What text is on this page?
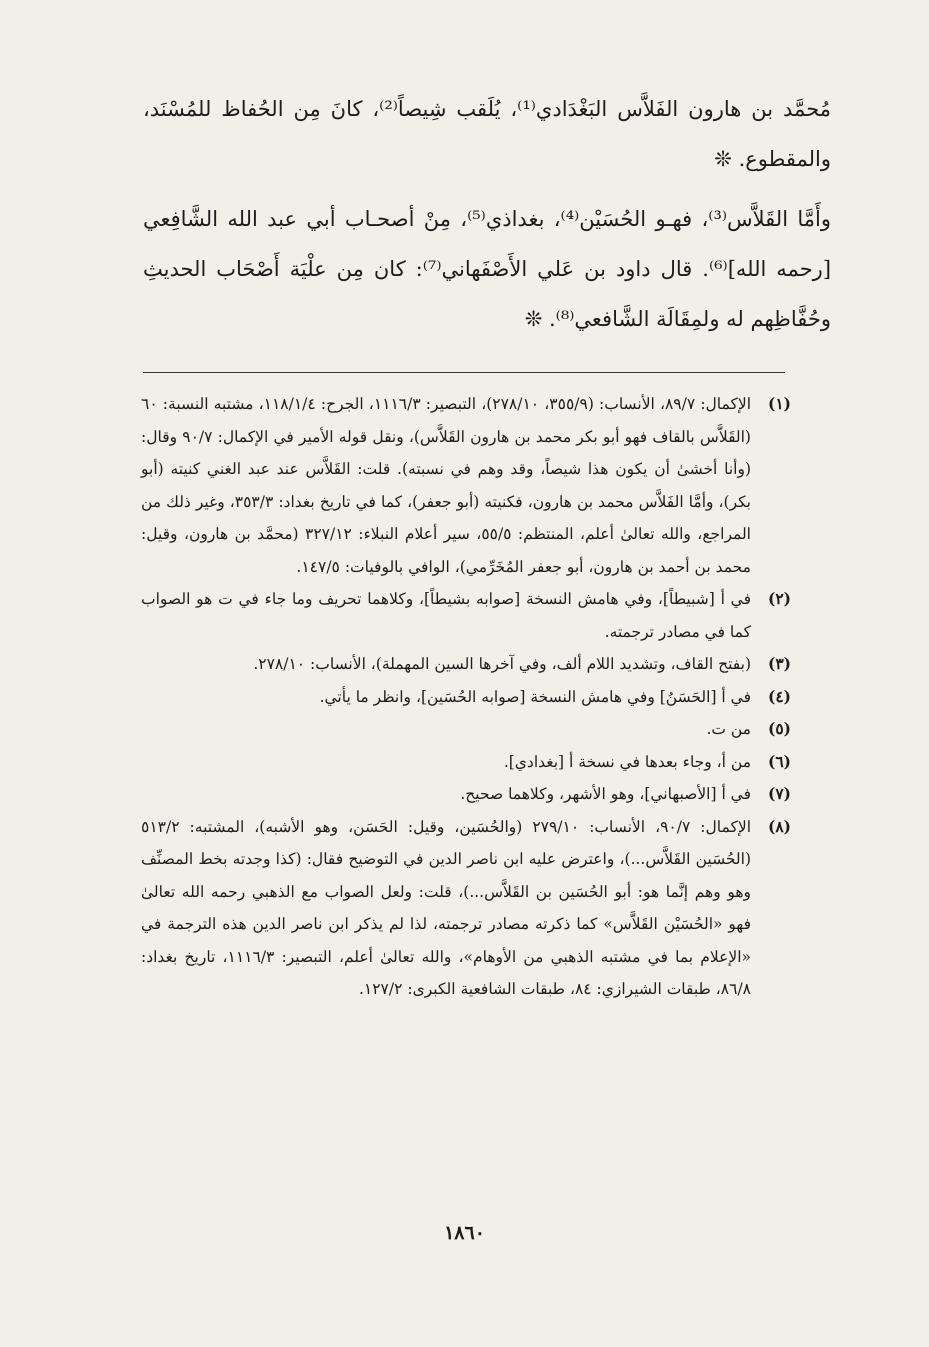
مُحمَّد بن هارون الفَلاَّس البَغْدَادي⁽¹⁾، يُلَقب شِيصاً⁽²⁾، كانَ مِن الحُفاظ للمُسْنَد، والمقطوع. ❊

وأَمَّا القَلاَّس⁽³⁾، فهـو الحُسَيْن⁽⁴⁾، بغداذي⁽⁵⁾، مِنْ أصحـاب أبي عبد الله الشَّافِعي [رحمه الله]⁽⁶⁾. قال داود بن عَلي الأَصْفَهاني⁽⁷⁾: كان مِن علْيَة أَصْحَاب الحديثِ وحُفَّاظِهم له ولمِقَالَة الشَّافعي⁽⁸⁾. ❊

(١)
الإكمال: ٨٩/٧، الأنساب: (٣٥٥/٩، ٢٧٨/١٠)، التبصير: ١١١٦/٣، الجرح: ١١٨/١/٤، مشتبه النسبة: ٦٠ (القَلاَّس بالقاف فهو أبو بكر محمد بن هارون القَلاَّس)، ونقل قوله الأمير في الإكمال: ٩٠/٧ وقال: (وأنا أخشىٰ أن يكون هذا شيصاً، وقد وهم في نسبته). قلت: القَلاَّس عند عبد الغني كنيته (أبو بكر)، وأمَّا الفَلاَّس محمد بن هارون، فكنيته (أبو جعفر)، كما في تاريخ بغداد: ٣٥٣/٣، وغير ذلك من المراجع، والله تعالىٰ أعلم، المنتظم: ٥٥/٥، سير أعلام النبلاء: ٣٢٧/١٢ (محمَّد بن هارون، وقيل: محمد بن أحمد بن هارون، أبو جعفر المُخَرِّمي)، الوافي بالوفيات: ١٤٧/٥.
(٢)
في أ [شبيطاً]، وفي هامش النسخة [صوابه بشيطاً]، وكلاهما تحريف وما جاء في ت هو الصواب كما في مصادر ترجمته.
(٣)
(بفتح القاف، وتشديد اللام ألف، وفي آخرها السين المهملة)، الأنساب: ٢٧٨/١٠.
(٤)
في أ [الحَسَنُ] وفي هامش النسخة [صوابه الحُسَين]، وانظر ما يأتي.
(٥)
من ت.
(٦)
من أ، وجاء بعدها في نسخة أ [بغدادي].
(٧)
في أ [الأصبهاني]، وهو الأشهر، وكلاهما صحيح.
(٨)
الإكمال: ٩٠/٧، الأنساب: ٢٧٩/١٠ (والحُسَين، وقيل: الحَسَن، وهو الأشبه)، المشتبه: ٥١٣/٢ (الحُسَين القَلاَّس...)، واعترض عليه ابن ناصر الدين في التوضيح فقال: (كذا وجدته بخط المصنِّف وهو وهم إنَّما هو: أبو الحُسَين بن القَلاَّس...)، قلت: ولعل الصواب مع الذهبي رحمه الله تعالىٰ فهو «الحُسَيْن القَلاَّس» كما ذكرته مصادر ترجمته، لذا لم يذكر ابن ناصر الدين هذه الترجمة في «الإعلام بما في مشتبه الذهبي من الأوهام»، والله تعالىٰ أعلم، التبصير: ١١١٦/٣، تاريخ بغداد: ٨٦/٨، طبقات الشيرازي: ٨٤، طبقات الشافعية الكبرى: ١٢٧/٢.
١٨٦٠
